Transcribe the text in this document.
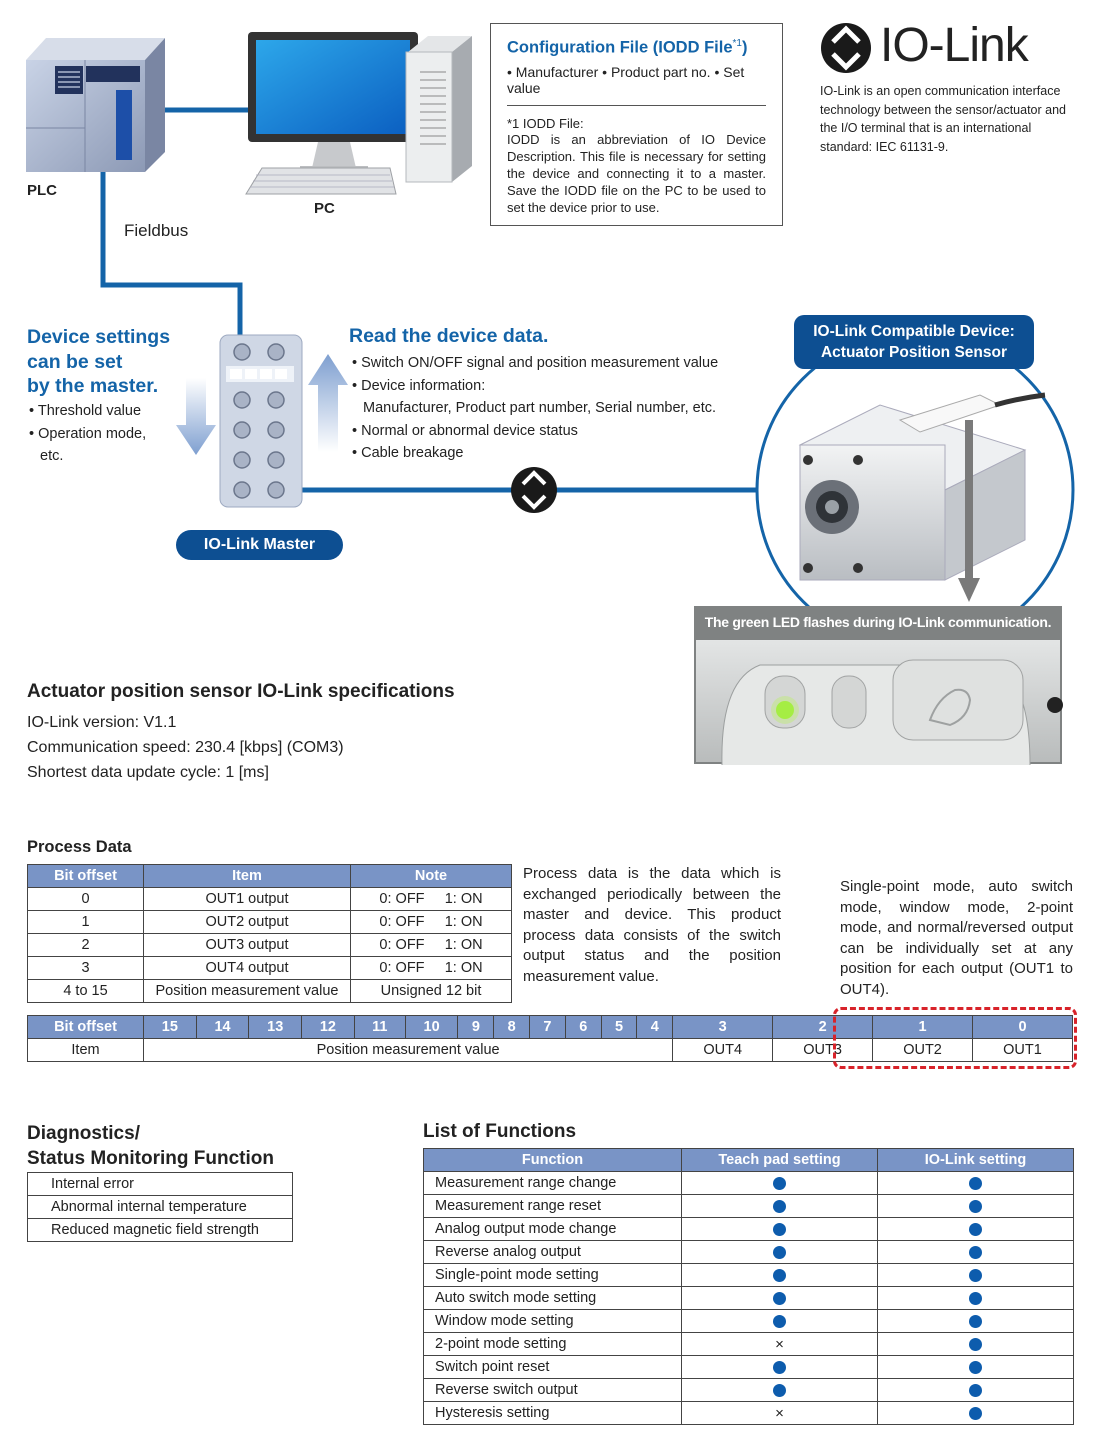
PLC
PC
Fieldbus
Configuration File (IODD File$^{*1}$)
• Manufacturer • Product part no. • Set value
*1 IODD File:
IODD is an abbreviation of IO Device Description. This file is necessary for setting the device and connecting it to a master. Save the IODD file on the PC to be used to set the device prior to use.
IO-Link
IO-Link is an open communication interface technology between the sensor/actuator and the I/O terminal that is an international standard: IEC 61131-9.
Device settings
can be set
by the master.
• Threshold value
• Operation mode,
etc.
Read the device data.
• Switch ON/OFF signal and position measurement value
• Device information:
Manufacturer, Product part number, Serial number, etc.
• Normal or abnormal device status
• Cable breakage
IO-Link Master
IO-Link Compatible Device:
Actuator Position Sensor
The green LED flashes during IO-Link communication.
Actuator position sensor IO-Link specifications
IO-Link version: V1.1
Communication speed: 230.4 [kbps] (COM3)
Shortest data update cycle: 1 [ms]
Process Data
Bit offset	Item	Note
0	OUT1 output	0: OFF 1: ON
1	OUT2 output	0: OFF 1: ON
2	OUT3 output	0: OFF 1: ON
3	OUT4 output	0: OFF 1: ON
4 to 15	Position measurement value	Unsigned 12 bit
Process data is the data which is exchanged periodically between the master and device. This product process data consists of the switch output status and the position measurement value.
Single-point mode, auto switch mode, window mode, 2-point mode, and normal/reversed output can be individually set at any position for each output (OUT1 to OUT4).
Bit offset	15	14	13	12	11	10	9	8	7	6	5	4	3	2	1	0
Item	Position measurement value												OUT4	OUT3	OUT2	OUT1
Diagnostics/
Status Monitoring Function
Internal error
Abnormal internal temperature
Reduced magnetic field strength
List of Functions
Function	Teach pad setting	IO-Link setting
Measurement range change		
Measurement range reset		
Analog output mode change		
Reverse analog output		
Single-point mode setting		
Auto switch mode setting		
Window mode setting		
2-point mode setting	×	
Switch point reset		
Reverse switch output		
Hysteresis setting	×	
